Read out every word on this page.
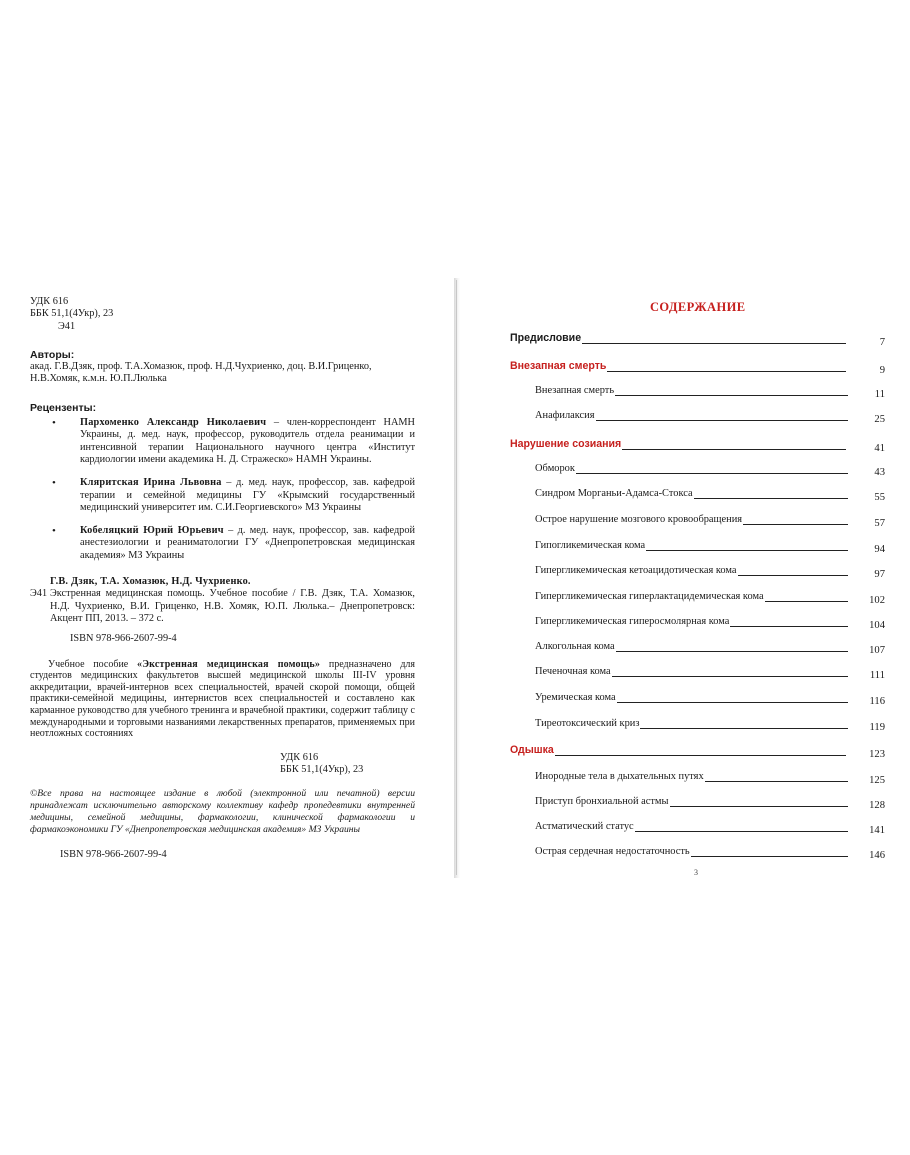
УДК 616
ББК 51,1(4Укр), 23
Э41
Авторы:
акад. Г.В.Дзяк, проф. Т.А.Хомазюк, проф. Н.Д.Чухриенко, доц. В.И.Гриценко,
Н.В.Хомяк, к.м.н. Ю.П.Люлька
Рецензенты:
• Пархоменко Александр Николаевич – член-корреспондент НАМН Украины, д. мед. наук, профессор, руководитель отдела реанимации и интенсивной терапии Национального научного центра «Институт кардиологии имени академика Н. Д. Стражеско» НАМН Украины.
• Кляритская Ирина Львовна – д. мед. наук, профессор, зав. кафедрой терапии и семейной медицины ГУ «Крымский государственный медицинский университет им. С.И.Георгиевского» МЗ Украины
• Кобеляцкий Юрий Юрьевич – д. мед. наук, профессор, зав. кафедрой анестезиологии и реаниматологии ГУ «Днепропетровская медицинская академия» МЗ Украины
Э41
Г.В. Дзяк, Т.А. Хомазюк, Н.Д. Чухриенко.
Экстренная медицинская помощь. Учебное пособие / Г.В. Дзяк, Т.А. Хомазюк, Н.Д. Чухриенко, В.И. Гриценко, Н.В. Хомяк, Ю.П. Люлька.– Днепропетровск: Акцент ПП, 2013. – 372 с.
ISBN 978-966-2607-99-4
Учебное пособие «Экстренная медицинская помощь» предназначено для студентов медицинских факультетов высшей медицинской школы III-IV уровня аккредитации, врачей-интернов всех специальностей, врачей скорой помощи, общей практики-семейной медицины, интернистов всех специальностей и составлено как карманное руководство для учебного тренинга и врачебной практики, содержит таблицу с международными и торговыми названиями лекарственных препаратов, применяемых при неотложных состояниях
УДК 616
ББК 51,1(4Укр), 23
©Все права на настоящее издание в любой (электронной или печатной) версии принадлежат исключительно авторскому коллективу кафедр пропедевтики внутренней медицины, семейной медицины, фармакологии, клинической фармакологии и фармакоэкономики ГУ «Днепропетровская медицинская академия» МЗ Украины
ISBN 978-966-2607-99-4
СОДЕРЖАНИЕ
Предисловие	7
Внезапная смерть	9
Внезапная смерть	11
Анафилаксия	25
Нарушение созиания	41
Обморок	43
Синдром Морганьи-Адамса-Стокса	55
Острое нарушение мозгового кровообращения	57
Гипогликемическая кома	94
Гипергликемическая кетоацидотическая кома	97
Гипергликемическая гиперлактацидемическая кома	102
Гипергликемическая гиперосмолярная кома	104
Алкогольная кома	107
Печеночная кома	111
Уремическая кома	116
Тиреотоксический криз	119
Одышка	123
Инородные тела в дыхательных путях	125
Приступ бронхиальной астмы	128
Астматический статус	141
Острая сердечная недостаточность	146
3
